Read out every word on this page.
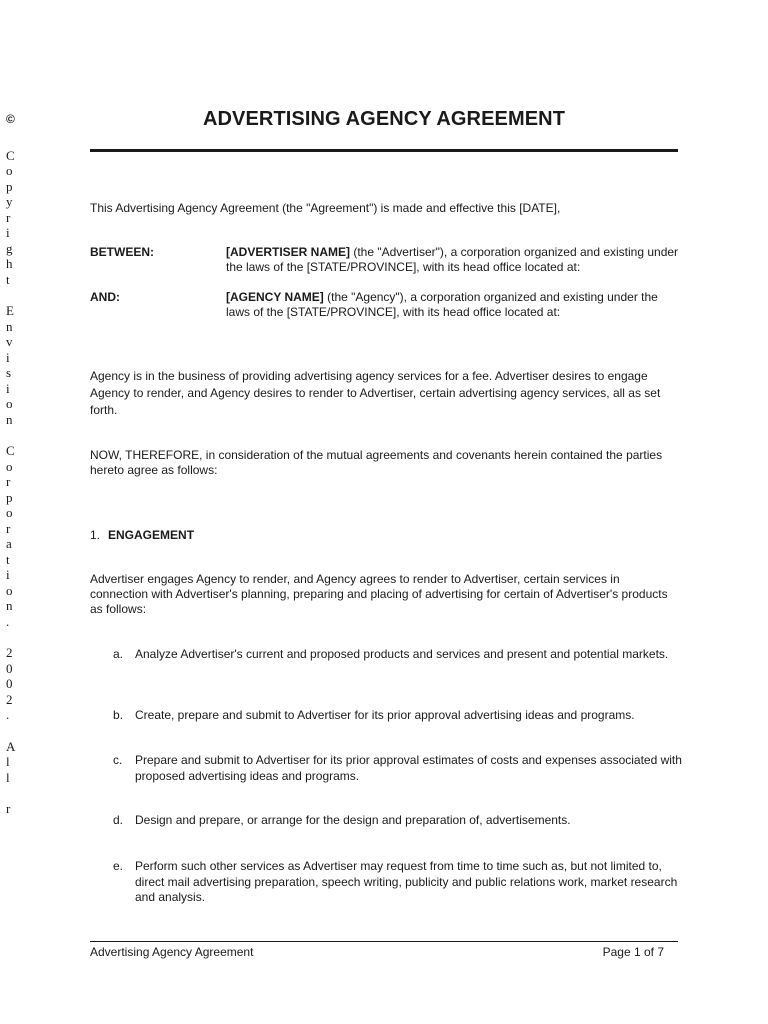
©
C
o
p
y
r
i
g
h
t
E
n
v
i
s
i
o
n
C
o
r
p
o
r
a
t
i
o
n
.
2
0
0
2
.
A
l
l
r
ADVERTISING AGENCY AGREEMENT
This Advertising Agency Agreement (the "Agreement") is made and effective this [DATE],
BETWEEN:	[ADVERTISER NAME] (the "Advertiser"), a corporation organized and existing under the laws of the [STATE/PROVINCE], with its head office located at:
AND:	[AGENCY NAME] (the "Agency"), a corporation organized and existing under the laws of the [STATE/PROVINCE], with its head office located at:
Agency is in the business of providing advertising agency services for a fee. Advertiser desires to engage Agency to render, and Agency desires to render to Advertiser, certain advertising agency services, all as set forth.
NOW, THEREFORE, in consideration of the mutual agreements and covenants herein contained the parties hereto agree as follows:
1. ENGAGEMENT
Advertiser engages Agency to render, and Agency agrees to render to Advertiser, certain services in connection with Advertiser's planning, preparing and placing of advertising for certain of Advertiser's products as follows:
a. Analyze Advertiser's current and proposed products and services and present and potential markets.
b. Create, prepare and submit to Advertiser for its prior approval advertising ideas and programs.
c. Prepare and submit to Advertiser for its prior approval estimates of costs and expenses associated with proposed advertising ideas and programs.
d. Design and prepare, or arrange for the design and preparation of, advertisements.
e. Perform such other services as Advertiser may request from time to time such as, but not limited to, direct mail advertising preparation, speech writing, publicity and public relations work, market research and analysis.
Advertising Agency Agreement	Page 1 of 7
